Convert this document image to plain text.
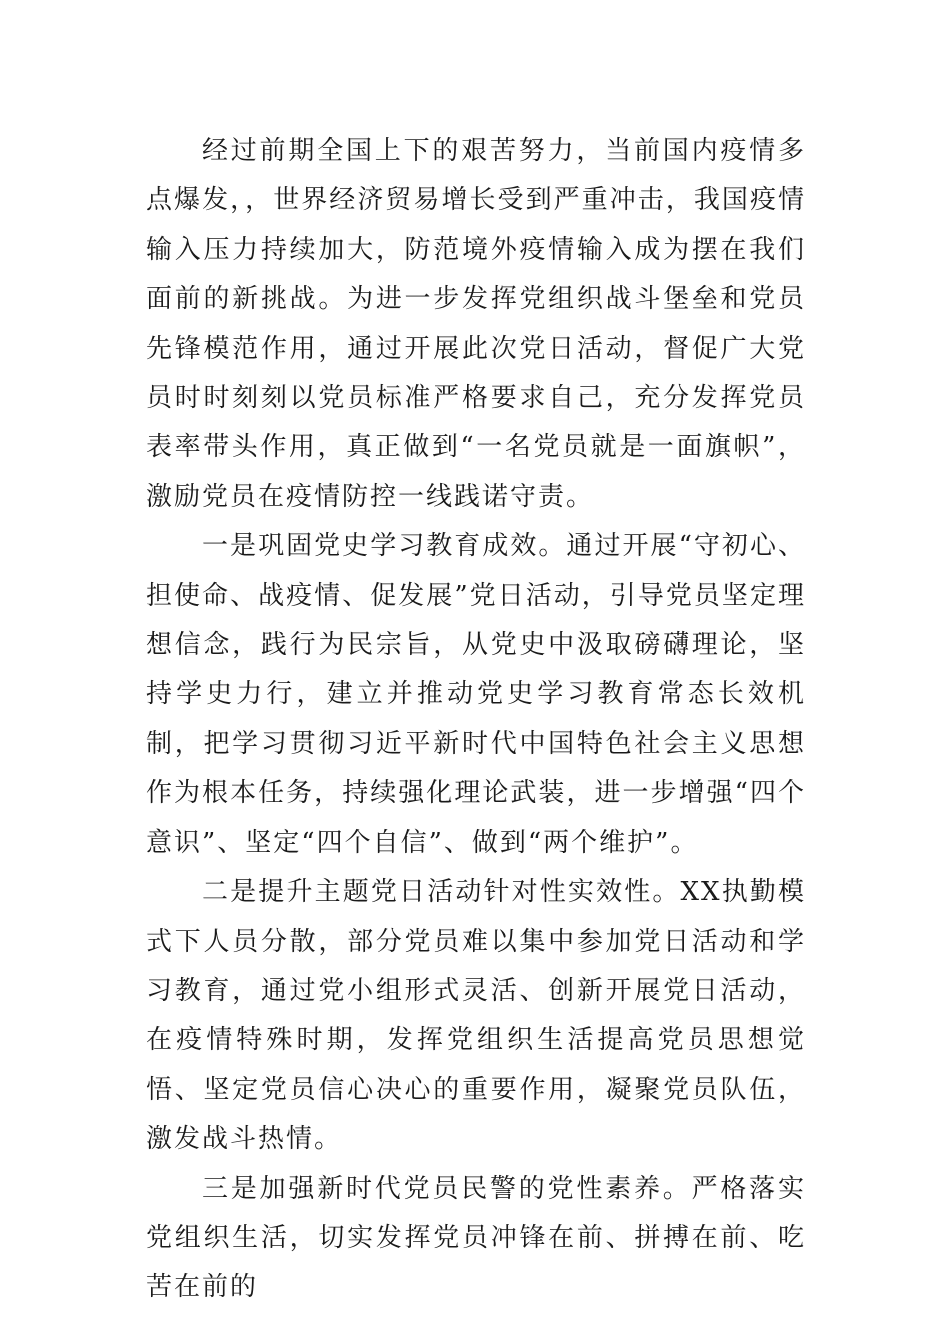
经过前期全国上下的艰苦努力，当前国内疫情多点爆发，，世界经济贸易增长受到严重冲击，我国疫情输入压力持续加大，防范境外疫情输入成为摆在我们面前的新挑战。为进一步发挥党组织战斗堡垒和党员先锋模范作用，通过开展此次党日活动，督促广大党员时时刻刻以党员标准严格要求自己，充分发挥党员表率带头作用，真正做到“一名党员就是一面旗帜”，激励党员在疫情防控一线践诺守责。

一是巩固党史学习教育成效。通过开展“守初心、担使命、战疫情、促发展”党日活动，引导党员坚定理想信念，践行为民宗旨，从党史中汲取磅礴理论，坚持学史力行，建立并推动党史学习教育常态长效机制，把学习贯彻习近平新时代中国特色社会主义思想作为根本任务，持续强化理论武装，进一步增强“四个意识”、坚定“四个自信”、做到“两个维护”。

二是提升主题党日活动针对性实效性。XX执勤模式下人员分散，部分党员难以集中参加党日活动和学习教育，通过党小组形式灵活、创新开展党日活动，在疫情特殊时期，发挥党组织生活提高党员思想觉悟、坚定党员信心决心的重要作用，凝聚党员队伍，激发战斗热情。

三是加强新时代党员民警的党性素养。严格落实党组织生活，切实发挥党员冲锋在前、拼搏在前、吃苦在前的
